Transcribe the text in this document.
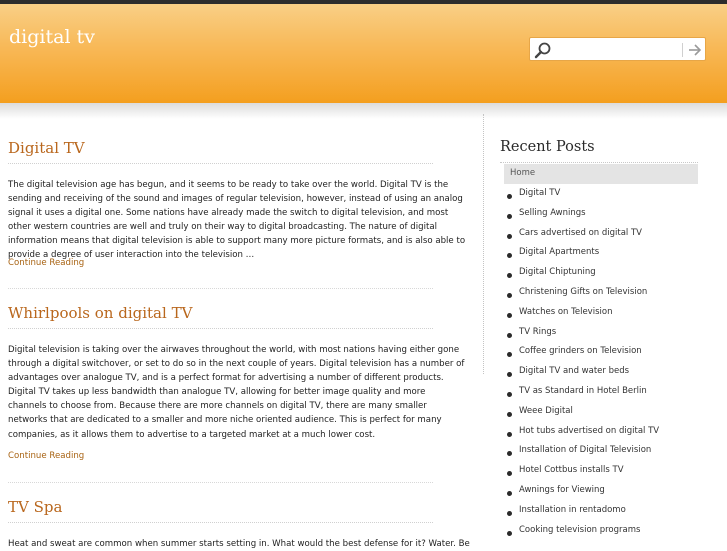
digital tv
Digital TV

The digital television age has begun, and it seems to be ready to take over the world. Digital TV is the sending and receiving of the sound and images of regular television, however, instead of using an analog signal it uses a digital one. Some nations have already made the switch to digital television, and most other western countries are well and truly on their way to digital broadcasting. The nature of digital information means that digital television is able to support many more picture formats, and is also able to provide a degree of user interaction into the television …

Continue Reading
Whirlpools on digital TV

Digital television is taking over the airwaves throughout the world, with most nations having either gone through a digital switchover, or set to do so in the next couple of years. Digital television has a number of advantages over analogue TV, and is a perfect format for advertising a number of different products. Digital TV takes up less bandwidth than analogue TV, allowing for better image quality and more channels to choose from. Because there are more channels on digital TV, there are many smaller networks that are dedicated to a smaller and more niche oriented audience. This is perfect for many companies, as it allows them to advertise to a targeted market at a much lower cost.

Continue Reading
TV Spa

Heat and sweat are common when summer starts setting in. What would the best defense for it? Water. Be

Recent Posts
Home
Digital TV
Selling Awnings
Cars advertised on digital TV
Digital Apartments
Digital Chiptuning
Christening Gifts on Television
Watches on Television
TV Rings
Coffee grinders on Television
Digital TV and water beds
TV as Standard in Hotel Berlin
Weee Digital
Hot tubs advertised on digital TV
Installation of Digital Television
Hotel Cottbus installs TV
Awnings for Viewing
Installation in rentadomo
Cooking television programs
